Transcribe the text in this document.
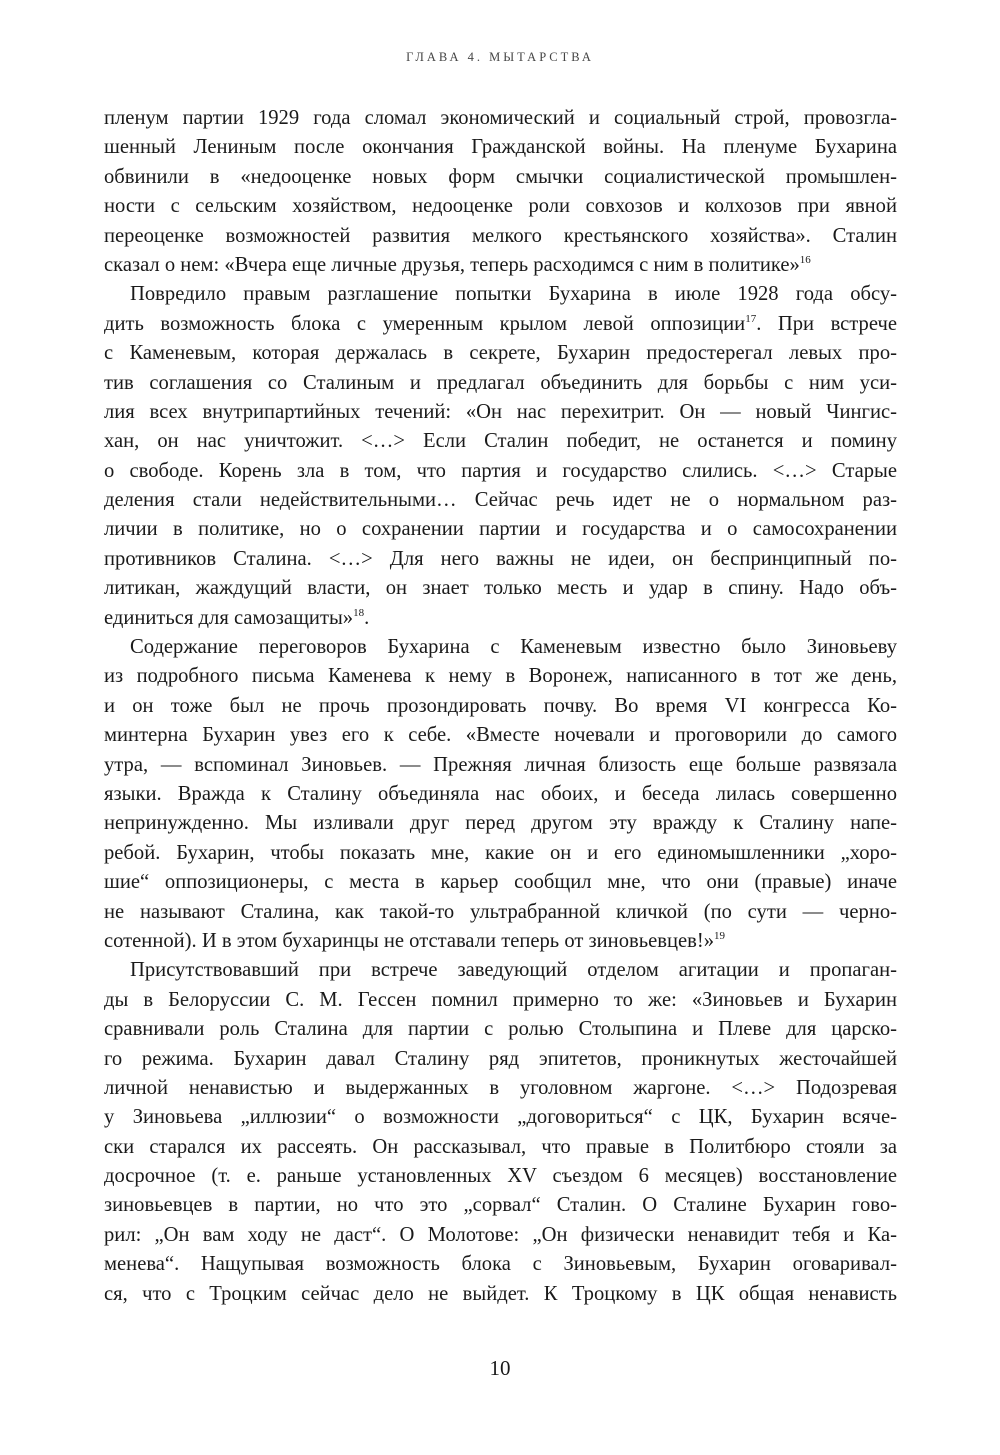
ГЛАВА 4. МЫТАРСТВА
пленум партии 1929 года сломал экономический и социальный строй, провозгла-
шенный Лениным после окончания Гражданской войны. На пленуме Бухарина
обвинили в «недооценке новых форм смычки социалистической промышлен-
ности с сельским хозяйством, недооценке роли совхозов и колхозов при явной
переоценке возможностей развития мелкого крестьянского хозяйства». Сталин
сказал о нем: «Вчера еще личные друзья, теперь расходимся с ним в политике»$^{16}$
Повредило правым разглашение попытки Бухарина в июле 1928 года обсу-
дить возможность блока с умеренным крылом левой оппозиции$^{17}$. При встрече
с Каменевым, которая держалась в секрете, Бухарин предостерегал левых про-
тив соглашения со Сталиным и предлагал объединить для борьбы с ним уси-
лия всех внутрипартийных течений: «Он нас перехитрит. Он — новый Чингис-
хан, он нас уничтожит. <…> Если Сталин победит, не останется и помину
о свободе. Корень зла в том, что партия и государство слились. <…> Старые
деления стали недействительными… Сейчас речь идет не о нормальном раз-
личии в политике, но о сохранении партии и государства и о самосохранении
противников Сталина. <…> Для него важны не идеи, он беспринципный по-
литикан, жаждущий власти, он знает только месть и удар в спину. Надо объ-
единиться для самозащиты»$^{18}$.
Содержание переговоров Бухарина с Каменевым известно было Зиновьеву
из подробного письма Каменева к нему в Воронеж, написанного в тот же день,
и он тоже был не прочь прозондировать почву. Во время VI конгресса Ко-
минтерна Бухарин увез его к себе. «Вместе ночевали и проговорили до самого
утра, — вспоминал Зиновьев. — Прежняя личная близость еще больше развязала
языки. Вражда к Сталину объединяла нас обоих, и беседа лилась совершенно
непринужденно. Мы изливали друг перед другом эту вражду к Сталину напе-
ребой. Бухарин, чтобы показать мне, какие он и его единомышленники „хоро-
шие“ оппозиционеры, с места в карьер сообщил мне, что они (правые) иначе
не называют Сталина, как такой-то ультрабранной кличкой (по сути — черно-
сотенной). И в этом бухаринцы не отставали теперь от зиновьевцев!»$^{19}$
Присутствовавший при встрече заведующий отделом агитации и пропаган-
ды в Белоруссии С. М. Гессен помнил примерно то же: «Зиновьев и Бухарин
сравнивали роль Сталина для партии с ролью Столыпина и Плеве для царско-
го режима. Бухарин давал Сталину ряд эпитетов, проникнутых жесточайшей
личной ненавистью и выдержанных в уголовном жаргоне. <…> Подозревая
у Зиновьева „иллюзии“ о возможности „договориться“ с ЦК, Бухарин всяче-
ски старался их рассеять. Он рассказывал, что правые в Политбюро стояли за
досрочное (т. е. раньше установленных XV съездом 6 месяцев) восстановление
зиновьевцев в партии, но что это „сорвал“ Сталин. О Сталине Бухарин гово-
рил: „Он вам ходу не даст“. О Молотове: „Он физически ненавидит тебя и Ка-
менева“. Нащупывая возможность блока с Зиновьевым, Бухарин оговаривал-
ся, что с Троцким сейчас дело не выйдет. К Троцкому в ЦК общая ненависть
10
